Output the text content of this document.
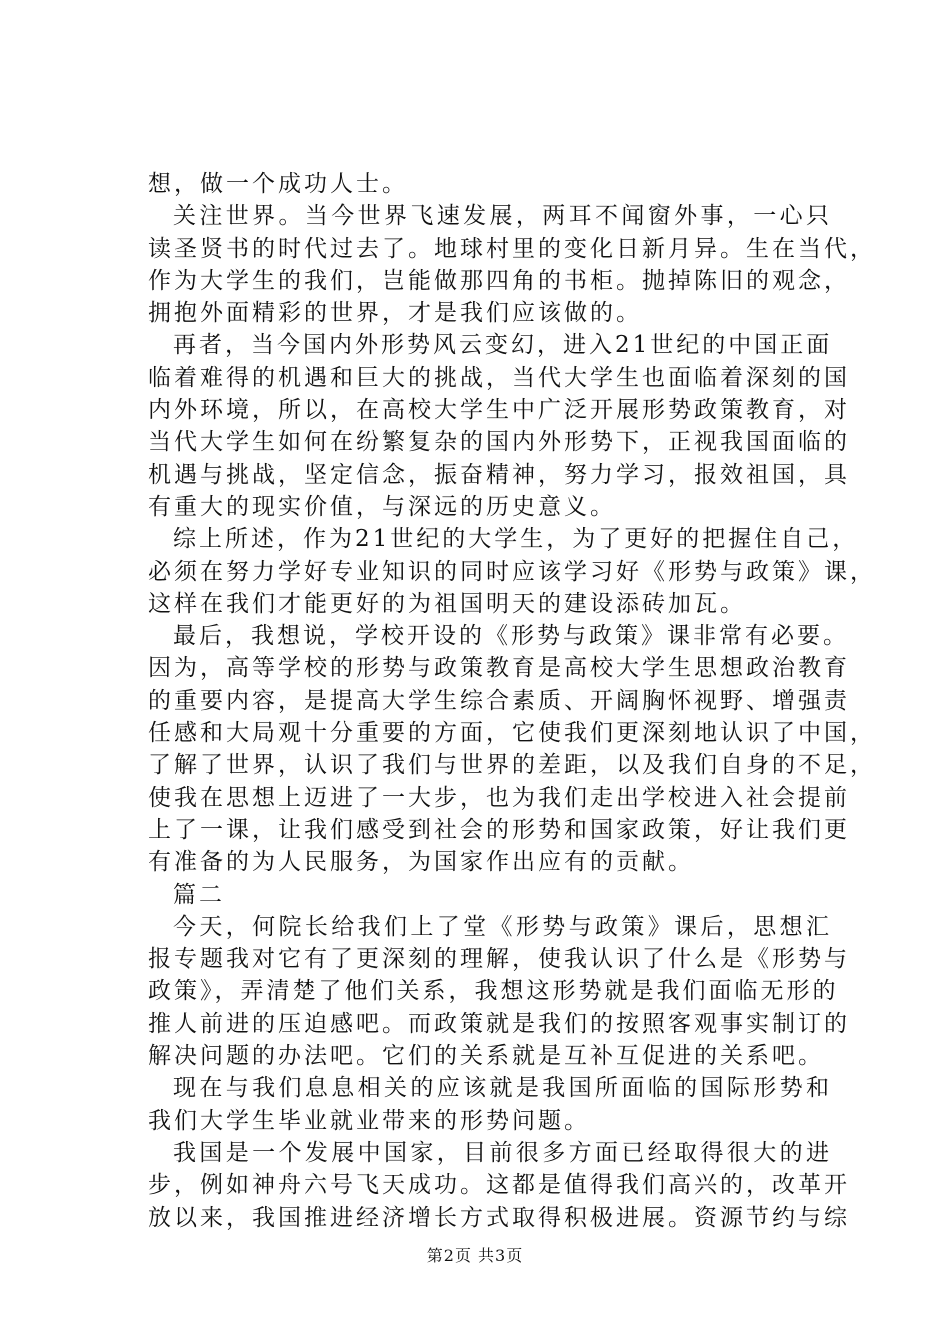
想，做一个成功人士。
关注世界。当今世界飞速发展，两耳不闻窗外事，一心只
读圣贤书的时代过去了。地球村里的变化日新月异。生在当代，
作为大学生的我们，岂能做那四角的书柜。抛掉陈旧的观念，
拥抱外面精彩的世界，才是我们应该做的。
再者，当今国内外形势风云变幻，进入21世纪的中国正面
临着难得的机遇和巨大的挑战，当代大学生也面临着深刻的国
内外环境，所以，在高校大学生中广泛开展形势政策教育，对
当代大学生如何在纷繁复杂的国内外形势下，正视我国面临的
机遇与挑战，坚定信念，振奋精神，努力学习，报效祖国，具
有重大的现实价值，与深远的历史意义。
综上所述，作为21世纪的大学生，为了更好的把握住自己，
必须在努力学好专业知识的同时应该学习好《形势与政策》课，
这样在我们才能更好的为祖国明天的建设添砖加瓦。
最后，我想说，学校开设的《形势与政策》课非常有必要。
因为，高等学校的形势与政策教育是高校大学生思想政治教育
的重要内容，是提高大学生综合素质、开阔胸怀视野、增强责
任感和大局观十分重要的方面，它使我们更深刻地认识了中国，
了解了世界，认识了我们与世界的差距，以及我们自身的不足，
使我在思想上迈进了一大步，也为我们走出学校进入社会提前
上了一课，让我们感受到社会的形势和国家政策，好让我们更
有准备的为人民服务，为国家作出应有的贡献。
篇二
今天，何院长给我们上了堂《形势与政策》课后，思想汇
报专题我对它有了更深刻的理解，使我认识了什么是《形势与
政策》，弄清楚了他们关系，我想这形势就是我们面临无形的
推人前进的压迫感吧。而政策就是我们的按照客观事实制订的
解决问题的办法吧。它们的关系就是互补互促进的关系吧。
现在与我们息息相关的应该就是我国所面临的国际形势和
我们大学生毕业就业带来的形势问题。
我国是一个发展中国家，目前很多方面已经取得很大的进
步，例如神舟六号飞天成功。这都是值得我们高兴的，改革开
放以来，我国推进经济增长方式取得积极进展。资源节约与综
第2页 共3页
